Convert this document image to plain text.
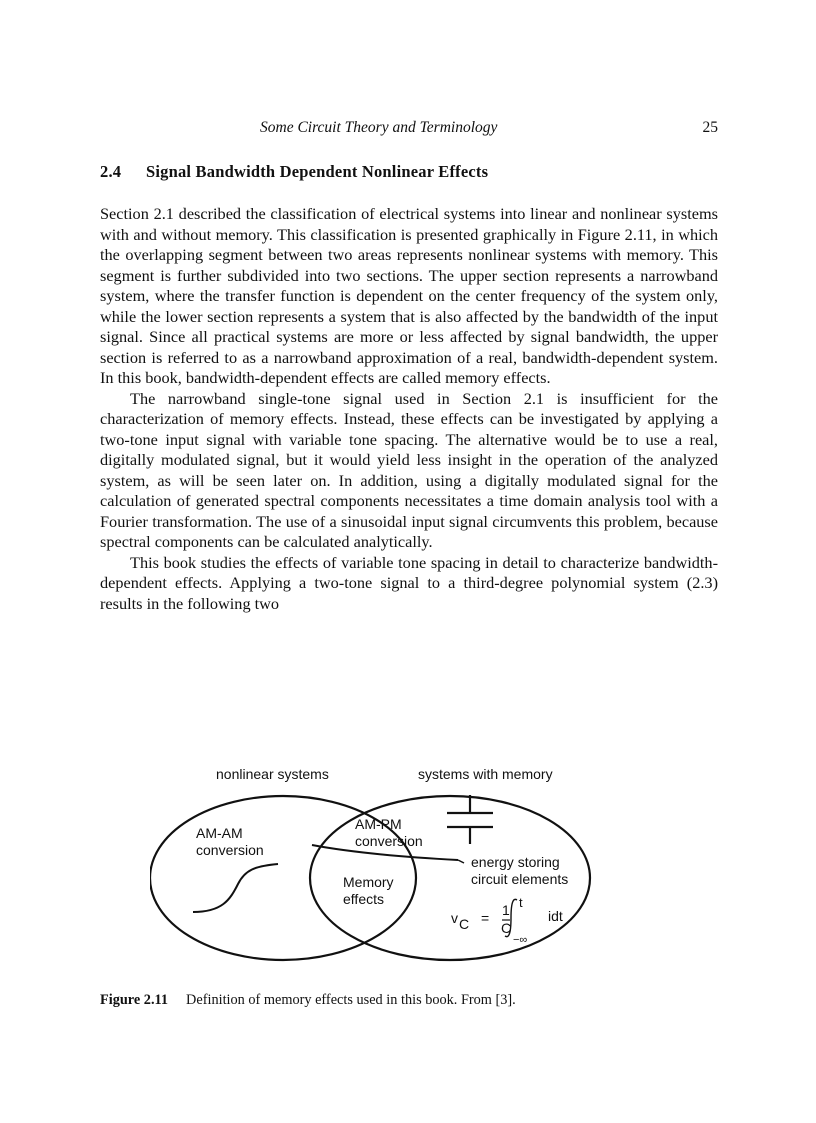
Some Circuit Theory and Terminology	25
2.4 Signal Bandwidth Dependent Nonlinear Effects

Section 2.1 described the classification of electrical systems into linear and nonlinear systems with and without memory. This classification is presented graphically in Figure 2.11, in which the overlapping segment between two areas represents nonlinear systems with memory. This segment is further subdivided into two sections. The upper section represents a narrowband system, where the transfer function is dependent on the center frequency of the system only, while the lower section represents a system that is also affected by the bandwidth of the input signal. Since all practical systems are more or less affected by signal bandwidth, the upper section is referred to as a narrowband approximation of a real, bandwidth-dependent system. In this book, bandwidth-dependent effects are called memory effects.

The narrowband single-tone signal used in Section 2.1 is insufficient for the characterization of memory effects. Instead, these effects can be investigated by applying a two-tone input signal with variable tone spacing. The alternative would be to use a real, digitally modulated signal, but it would yield less insight in the operation of the analyzed system, as will be seen later on. In addition, using a digitally modulated signal for the calculation of generated spectral components necessitates a time domain analysis tool with a Fourier transformation. The use of a sinusoidal input signal circumvents this problem, because spectral components can be calculated analytically.

This book studies the effects of variable tone spacing in detail to characterize bandwidth-dependent effects. Applying a two-tone signal to a third-degree polynomial system (2.3) results in the following two

nonlinear systems	systems with memory
AM-AM
conversion
AM-PM
conversion
Memory
effects
energy storing
circuit elements
v C = 1
C
t
−∞
idt
Figure 2.11 Definition of memory effects used in this book. From [3].
